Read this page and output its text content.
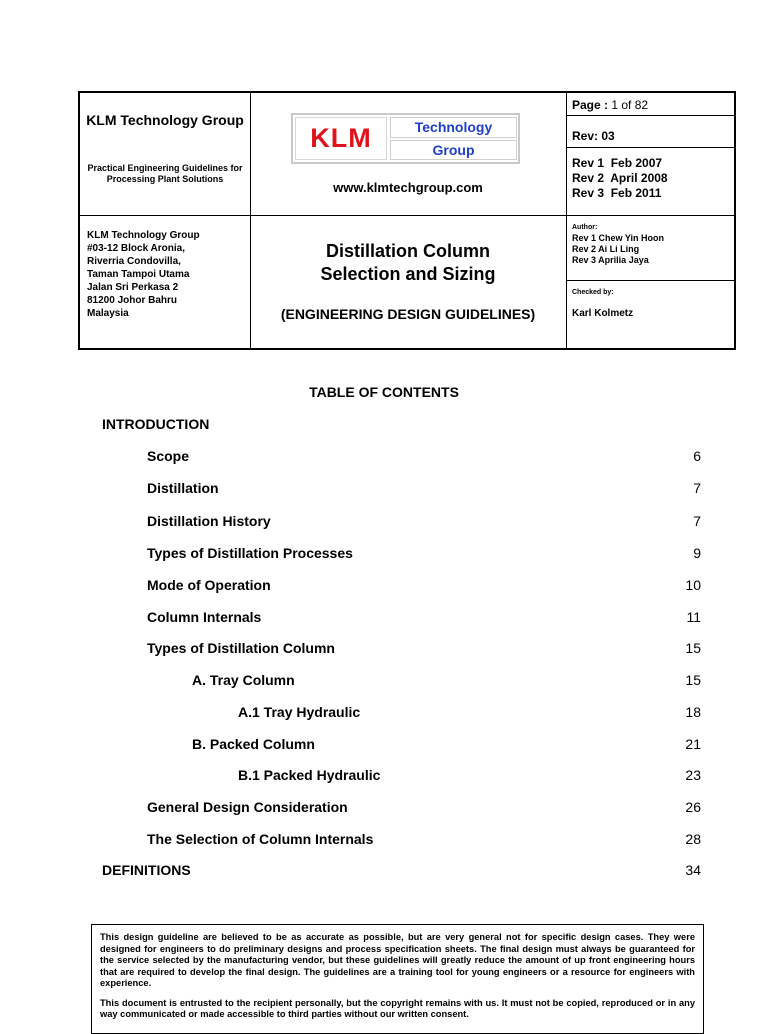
KLM Technology Group
Practical Engineering Guidelines for Processing Plant Solutions
KLM	Technology
Group
www.klmtechgroup.com
Page : 1 of 82
Rev: 03
Rev 1  Feb 2007
Rev 2  April 2008
Rev 3  Feb 2011
KLM Technology Group
#03-12 Block Aronia,
Riverria Condovilla,
Taman Tampoi Utama
Jalan Sri Perkasa 2
81200 Johor Bahru
Malaysia
Distillation Column
Selection and Sizing
(ENGINEERING DESIGN GUIDELINES)
Author:
Rev 1 Chew Yin Hoon
Rev 2 Ai Li Ling
Rev 3 Aprilia Jaya
Checked by:
Karl Kolmetz
TABLE OF CONTENTS
INTRODUCTION
Scope	6
Distillation	7
Distillation History	7
Types of Distillation Processes	9
Mode of Operation	10
Column Internals	11
Types of Distillation Column	15
A. Tray Column	15
A.1 Tray Hydraulic	18
B. Packed Column	21
B.1 Packed Hydraulic	23
General Design Consideration	26
The Selection of Column Internals	28
DEFINITIONS	34

This design guideline are believed to be as accurate as possible, but are very general not for specific design cases. They were designed for engineers to do preliminary designs and process specification sheets. The final design must always be guaranteed for the service selected by the manufacturing vendor, but these guidelines will greatly reduce the amount of up front engineering hours that are required to develop the final design. The guidelines are a training tool for young engineers or a resource for engineers with experience.

This document is entrusted to the recipient personally, but the copyright remains with us. It must not be copied, reproduced or in any way communicated or made accessible to third parties without our written consent.
